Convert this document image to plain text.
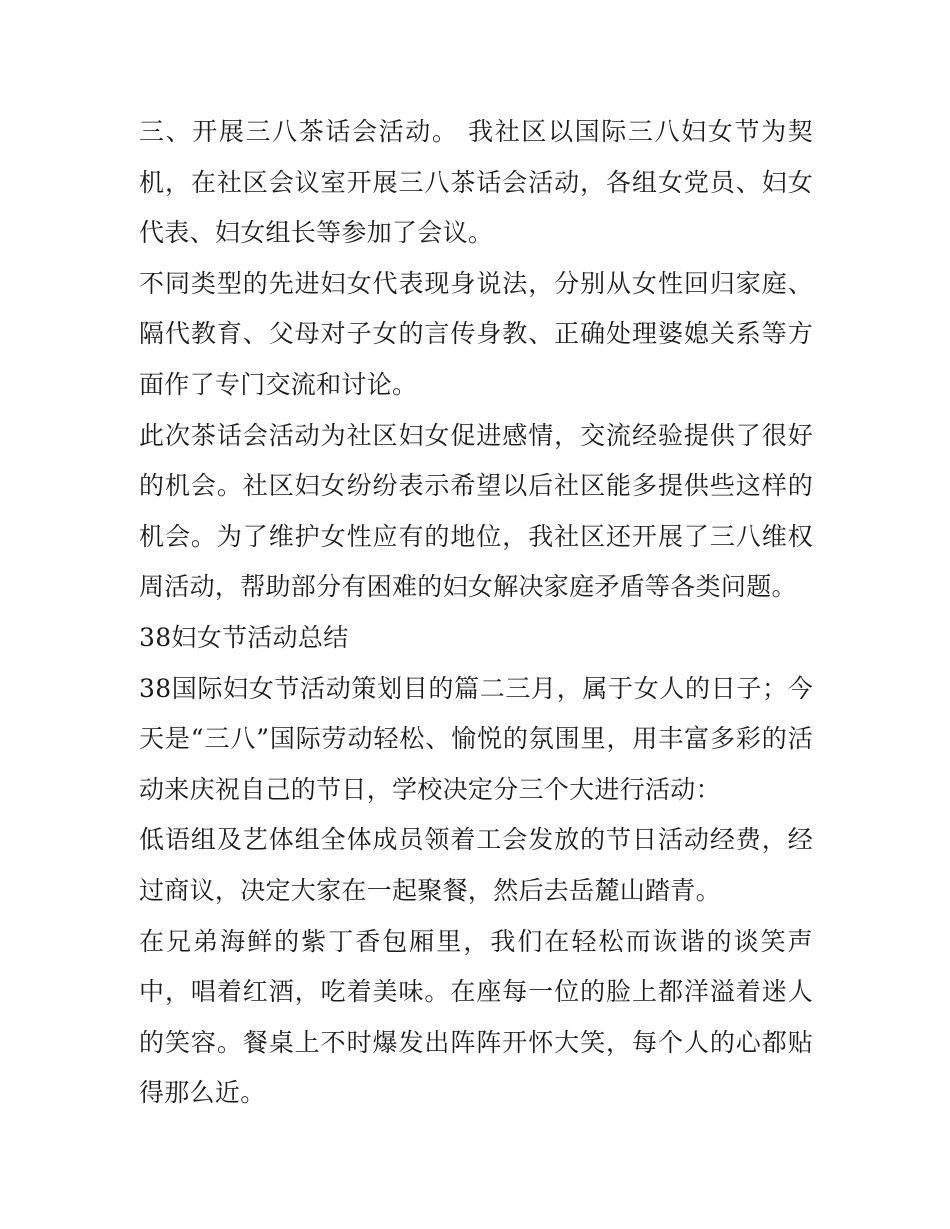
三、开展三八茶话会活动。 我社区以国际三八妇女节为契机，在社区会议室开展三八茶话会活动，各组女党员、妇女代表、妇女组长等参加了会议。

不同类型的先进妇女代表现身说法，分别从女性回归家庭、隔代教育、父母对子女的言传身教、正确处理婆媳关系等方面作了专门交流和讨论。

此次茶话会活动为社区妇女促进感情，交流经验提供了很好的机会。社区妇女纷纷表示希望以后社区能多提供些这样的机会。为了维护女性应有的地位，我社区还开展了三八维权周活动，帮助部分有困难的妇女解决家庭矛盾等各类问题。

38妇女节活动总结

38国际妇女节活动策划目的篇二三月，属于女人的日子；今天是“三八”国际劳动轻松、愉悦的氛围里，用丰富多彩的活动来庆祝自己的节日，学校决定分三个大进行活动：

低语组及艺体组全体成员领着工会发放的节日活动经费，经过商议，决定大家在一起聚餐，然后去岳麓山踏青。

在兄弟海鲜的紫丁香包厢里，我们在轻松而诙谐的谈笑声中，唱着红酒，吃着美味。在座每一位的脸上都洋溢着迷人的笑容。餐桌上不时爆发出阵阵开怀大笑，每个人的心都贴得那么近。
